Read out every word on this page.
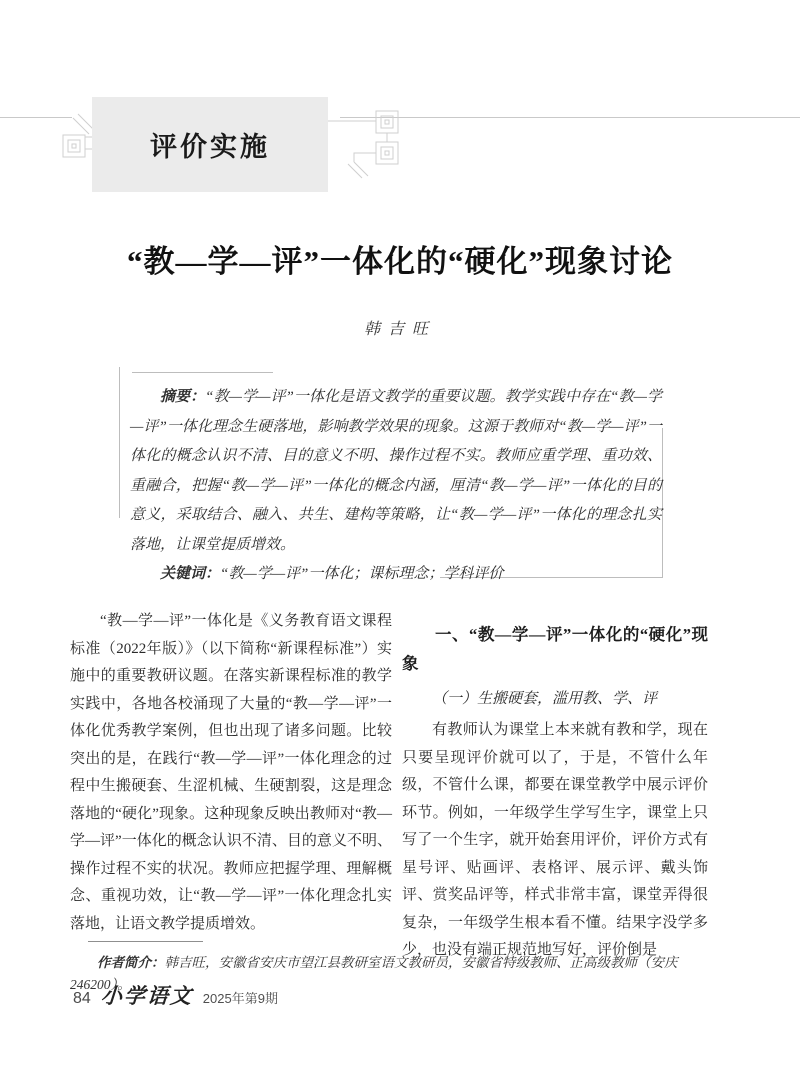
评价实施
“教—学—评”一体化的“硬化”现象讨论
韩吉旺

摘要：“教—学—评”一体化是语文教学的重要议题。教学实践中存在“教—学—评”一体化理念生硬落地，影响教学效果的现象。这源于教师对“教—学—评”一体化的概念认识不清、目的意义不明、操作过程不实。教师应重学理、重功效、重融合，把握“教—学—评”一体化的概念内涵，厘清“教—学—评”一体化的目的意义，采取结合、融入、共生、建构等策略，让“教—学—评”一体化的理念扎实落地，让课堂提质增效。

关键词：“教—学—评”一体化；课标理念；学科评价

“教—学—评”一体化是《义务教育语文课程标准（2022年版）》（以下简称“新课程标准”）实施中的重要教研议题。在落实新课程标准的教学实践中，各地各校涌现了大量的“教—学—评”一体化优秀教学案例，但也出现了诸多问题。比较突出的是，在践行“教—学—评”一体化理念的过程中生搬硬套、生涩机械、生硬割裂，这是理念落地的“硬化”现象。这种现象反映出教师对“教—学—评”一体化的概念认识不清、目的意义不明、操作过程不实的状况。教师应把握学理、理解概念、重视功效，让“教—学—评”一体化理念扎实落地，让语文教学提质增效。

一、“教—学—评”一体化的“硬化”现象
（一）生搬硬套，滥用教、学、评

有教师认为课堂上本来就有教和学，现在只要呈现评价就可以了，于是，不管什么年级，不管什么课，都要在课堂教学中展示评价环节。例如，一年级学生学写生字，课堂上只写了一个生字，就开始套用评价，评价方式有星号评、贴画评、表格评、展示评、戴头饰评、赏奖品评等，样式非常丰富，课堂弄得很复杂，一年级学生根本看不懂。结果字没学多少，也没有端正规范地写好，评价倒是

作者简介：韩吉旺，安徽省安庆市望江县教研室语文教研员，安徽省特级教师、正高级教师（安庆　246200）。

84 小学语文 2025年第9期
